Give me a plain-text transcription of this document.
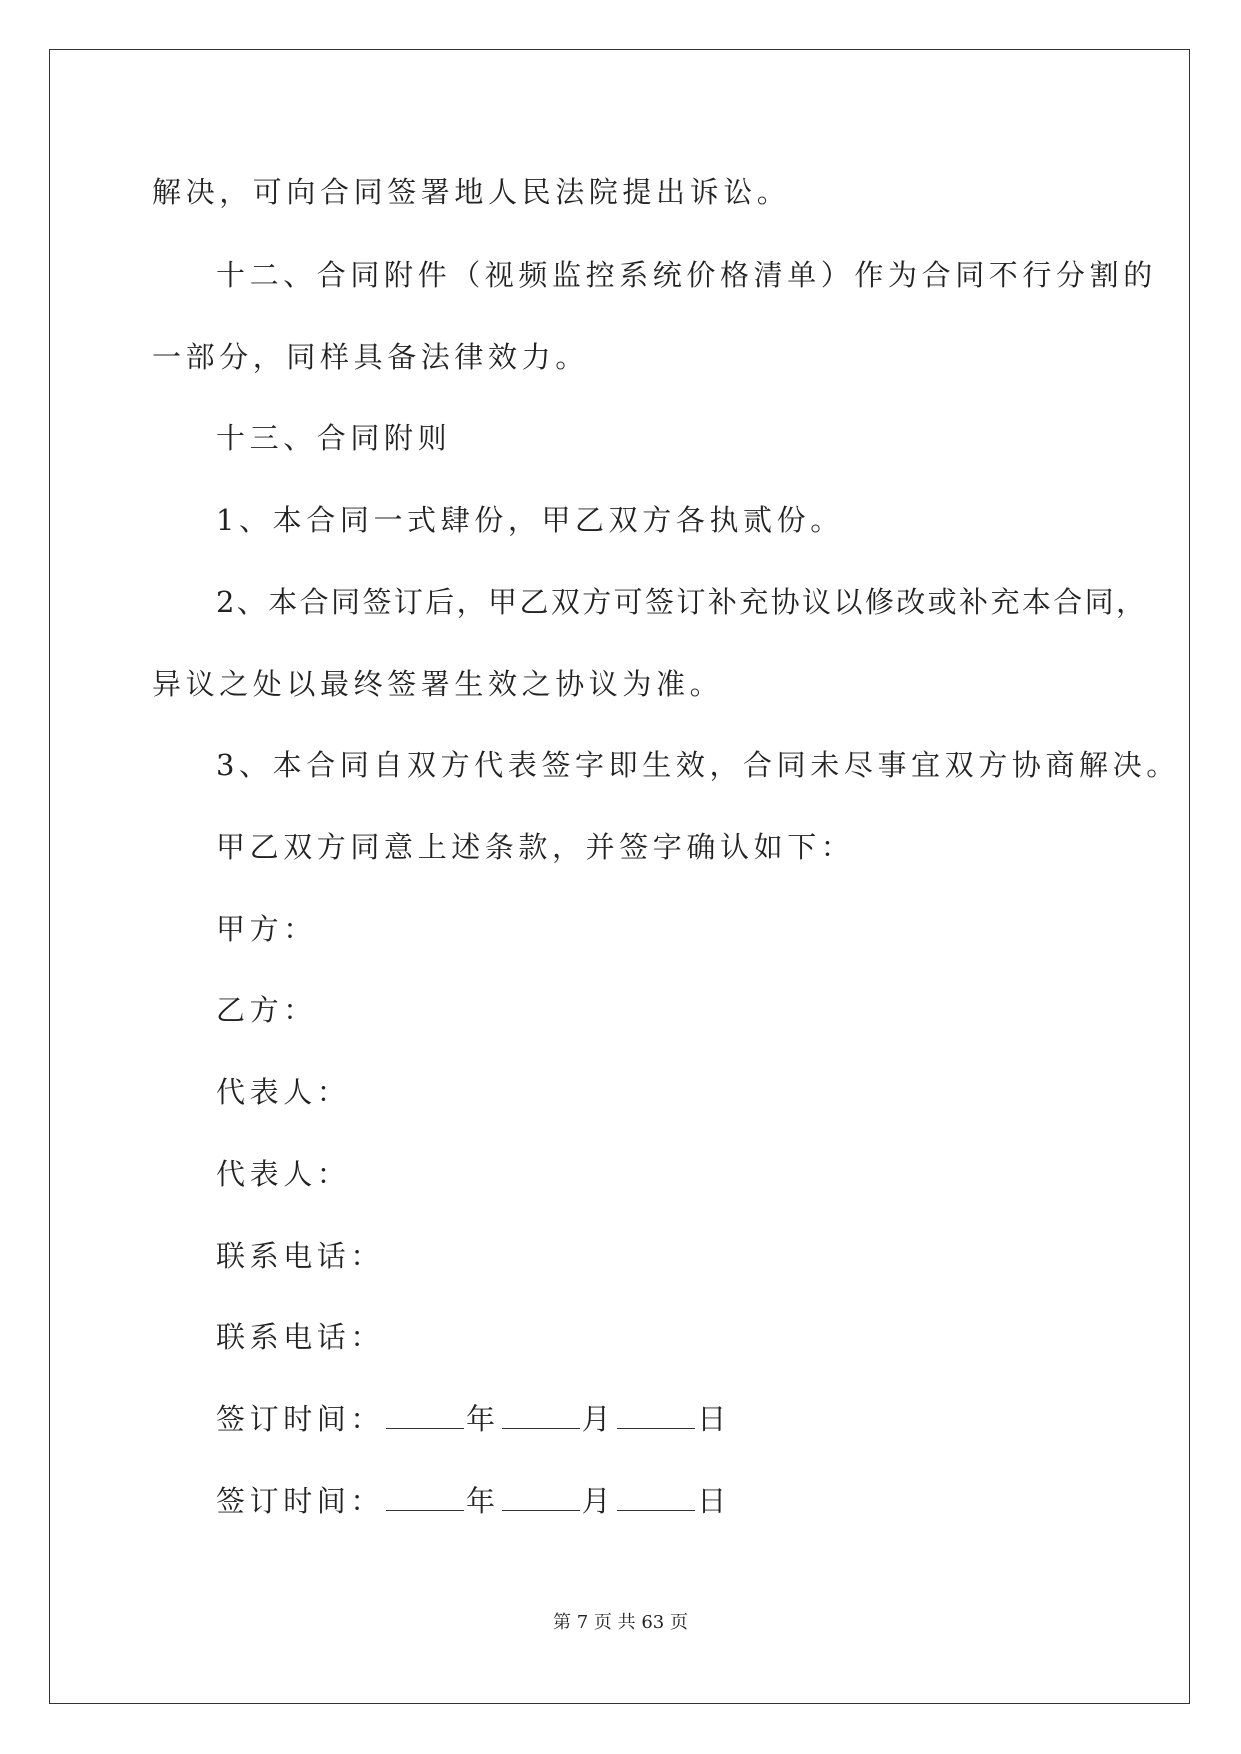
解决，可向合同签署地人民法院提出诉讼。
十二、合同附件（视频监控系统价格清单）作为合同不行分割的
一部分，同样具备法律效力。
十三、合同附则
1、本合同一式肆份，甲乙双方各执贰份。
2、本合同签订后，甲乙双方可签订补充协议以修改或补充本合同，
异议之处以最终签署生效之协议为准。
3、本合同自双方代表签字即生效，合同未尽事宜双方协商解决。
甲乙双方同意上述条款，并签字确认如下：
甲方：
乙方：
代表人：
代表人：
联系电话：
联系电话：
签订时间：	年	月	日
签订时间：	年	月	日
第 7 页 共 63 页
